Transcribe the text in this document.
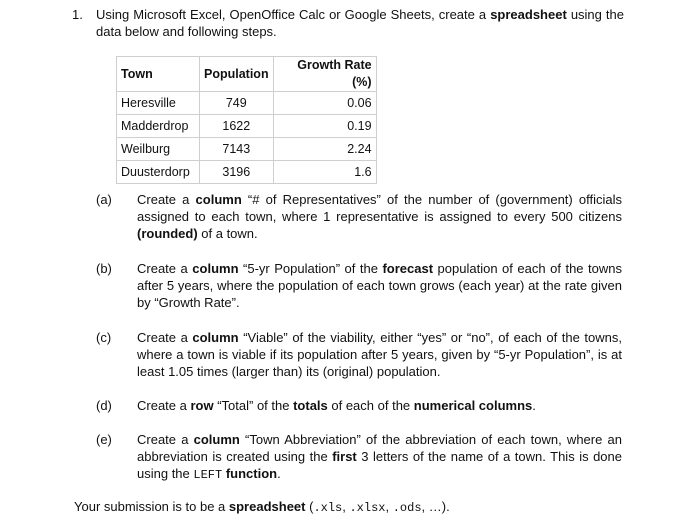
1. Using Microsoft Excel, OpenOffice Calc or Google Sheets, create a spreadsheet using the data below and following steps.
Town	Population	Growth Rate (%)
Heresville	749	0.06
Madderdrop	1622	0.19
Weilburg	7143	2.24
Duusterdorp	3196	1.6
(a) Create a column “# of Representatives” of the number of (government) officials assigned to each town, where 1 representative is assigned to every 500 citizens (rounded) of a town.
(b) Create a column “5-yr Population” of the forecast population of each of the towns after 5 years, where the population of each town grows (each year) at the rate given by “Growth Rate”.
(c) Create a column “Viable” of the viability, either “yes” or “no”, of each of the towns, where a town is viable if its population after 5 years, given by “5-yr Population”, is at least 1.05 times (larger than) its (original) population.
(d) Create a row “Total” of the totals of each of the numerical columns.
(e) Create a column “Town Abbreviation” of the abbreviation of each town, where an abbreviation is created using the first 3 letters of the name of a town. This is done using the LEFT function.
Your submission is to be a spreadsheet (.xls, .xlsx, .ods, …).
